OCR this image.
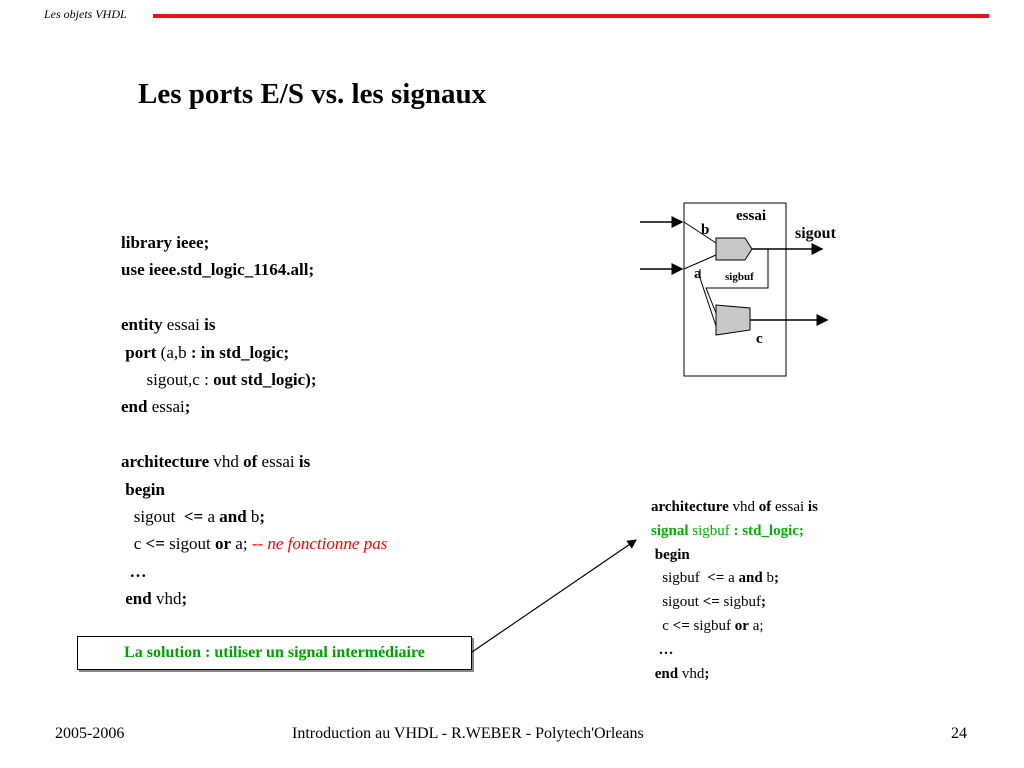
Les objets VHDL
Les ports E/S vs. les signaux
library ieee;
use ieee.std_logic_1164.all;

entity essai is
port (a,b : in std_logic;
sigout,c : out std_logic);
end essai;

architecture vhd of essai is
begin
sigout  <= a and b;
c <= sigout or a; -- ne fonctionne pas
…
end vhd;
architecture vhd of essai is
signal sigbuf : std_logic;
begin
sigbuf  <= a and b;
sigout <= sigbuf;
c <= sigbuf or a;
…
end vhd;
La solution : utiliser un signal intermédiaire
essai
b
a sigbuf
sigout
c
2005-2006	Introduction au VHDL - R.WEBER - Polytech'Orleans	24
